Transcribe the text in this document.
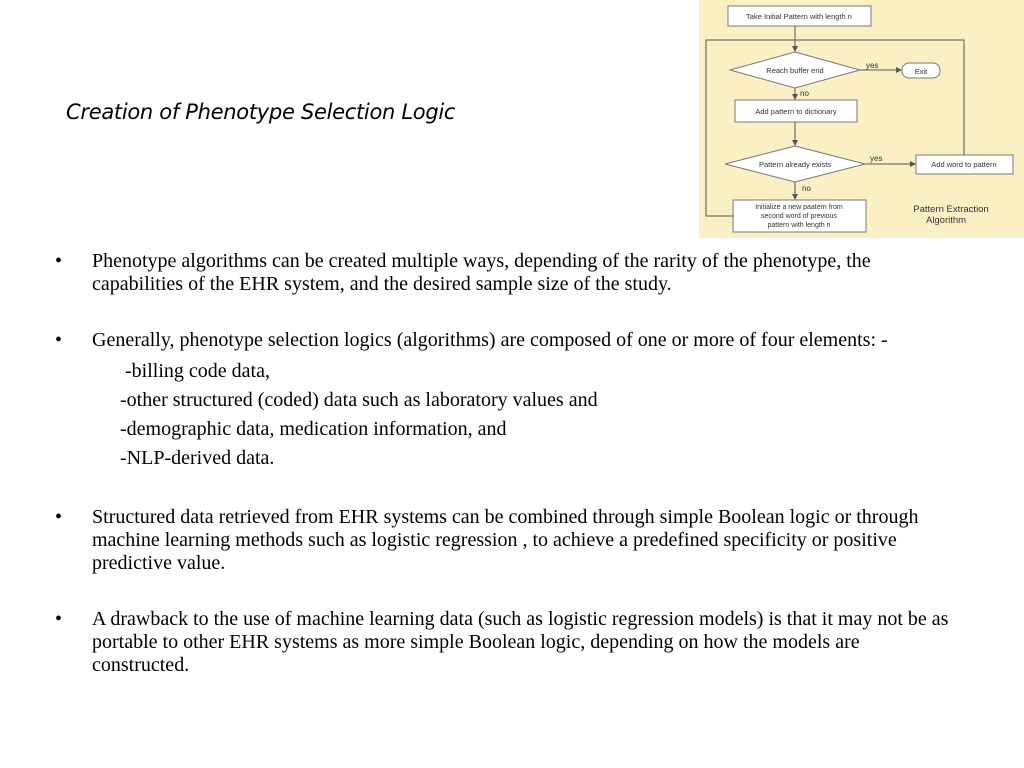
Creation of Phenotype Selection Logic
Take Initial Pattern with length n
Reach buffer end
yes
Exit
no
Add pattern to dictionary
Pattern already exists
yes
Add word to pattern
no
Initialize a new paatern from
second word of previous
pattern with length n
Pattern Extraction
Algorithm
•	Phenotype algorithms can be created multiple ways, depending of the rarity of the phenotype, the capabilities of the EHR system, and the desired sample size of the study.
•	Generally, phenotype selection logics (algorithms) are composed of one or more of four elements: -
-billing code data,
-other structured (coded) data such as laboratory values and
-demographic data, medication information, and
-NLP-derived data.
•	Structured data retrieved from EHR systems can be combined through simple Boolean logic or through machine learning methods such as logistic regression , to achieve a predefined specificity or positive predictive value.
•	A drawback to the use of machine learning data (such as logistic regression models) is that it may not be as portable to other EHR systems as more simple Boolean logic, depending on how the models are constructed.
